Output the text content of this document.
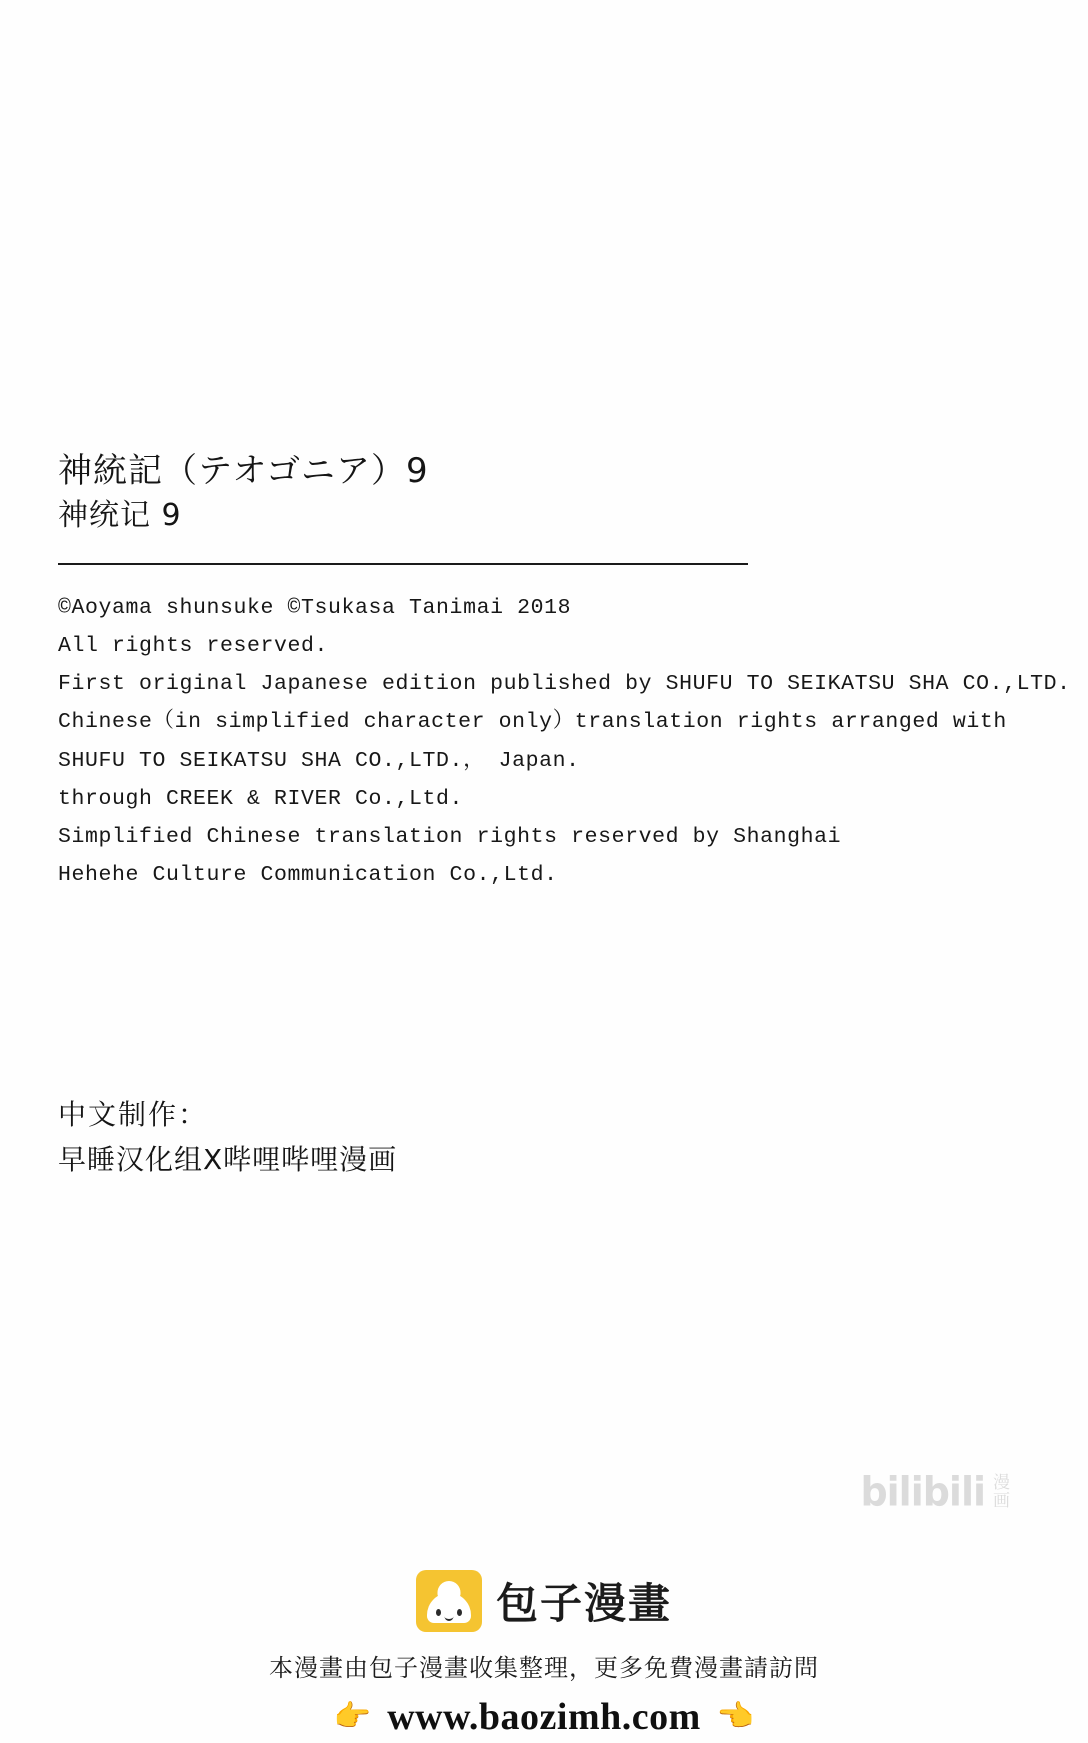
神統記（テオゴニア）9
神统记 9
©Aoyama shunsuke ©Tsukasa Tanimai 2018
All rights reserved.
First original Japanese edition published by SHUFU TO SEIKATSU SHA CO.,LTD.
Chinese（in simplified character only）translation rights arranged with
SHUFU TO SEIKATSU SHA CO.,LTD.， Japan.
through CREEK & RIVER Co.,Ltd.
Simplified Chinese translation rights reserved by Shanghai
Hehehe Culture Communication Co.,Ltd.
中文制作：
早睡汉化组X哔哩哔哩漫画
bilibili 漫
画
包子漫畫
本漫畫由包子漫畫收集整理，更多免費漫畫請訪問
👉 www.baozimh.com 👈
